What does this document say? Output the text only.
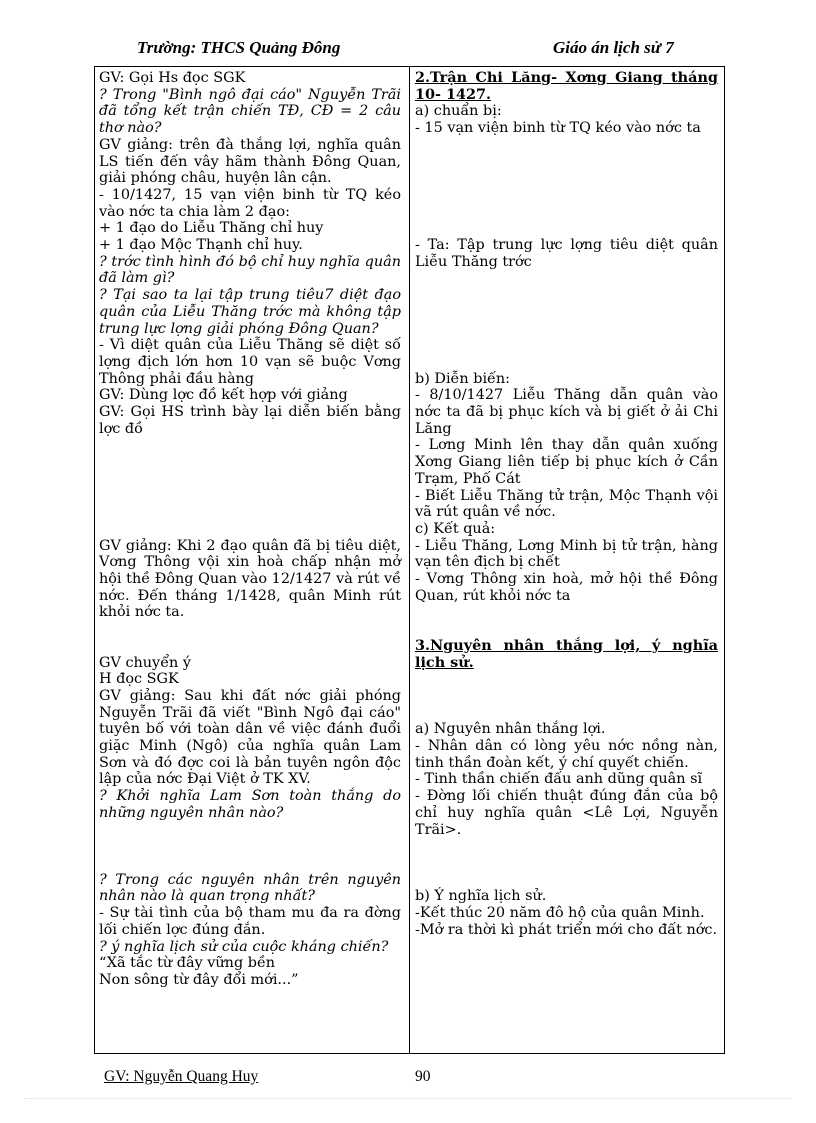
Trường: THCS Quảng Đông	Giáo án lịch sử 7
GV: Gọi Hs đọc SGK
? Trong "Bình ngô đại cáo" Nguyễn Trãi đã tổng kết trận chiến TĐ, CĐ = 2 câu thơ nào?
GV giảng: trên đà thắng lợi, nghĩa quân LS tiến đến vây hãm thành Đông Quan, giải phóng châu, huyện lân cận.
- 10/1427, 15 vạn viện binh từ TQ kéo vào nớc ta chia làm 2 đạo:
+ 1 đạo do Liễu Thăng chỉ huy
+ 1 đạo Mộc Thạnh chỉ huy.
? trớc tình hình đó bộ chỉ huy nghĩa quân đã làm gì?
? Tại sao ta lại tập trung tiêu7 diệt đạo quân của Liễu Thăng trớc mà không tập trung lực lợng giải phóng Đông Quan?
- Vì diệt quân của Liễu Thăng sẽ diệt số lợng địch lớn hơn 10 vạn sẽ buộc Vơng Thông phải đầu hàng
GV: Dùng lợc đồ kết hợp với giảng
GV: Gọi HS trình bày lại diễn biến bằng lợc đồ
GV giảng: Khi 2 đạo quân đã bị tiêu diệt, Vơng Thông vội xin hoà chấp nhận mở hội thề Đông Quan vào 12/1427 và rút về nớc. Đến tháng 1/1428, quân Minh rút khỏi nớc ta.
GV chuyển ý
H đọc SGK
GV giảng: Sau khi đất nớc giải phóng Nguyễn Trãi đã viết "Bình Ngô đại cáo" tuyên bố với toàn dân về việc đánh đuổi giặc Minh (Ngô) của nghĩa quân Lam Sơn và đó đợc coi là bản tuyên ngôn độc lập của nớc Đại Việt ở TK XV.
? Khởi nghĩa Lam Sơn toàn thắng do những nguyên nhân nào?
? Trong các nguyên nhân trên nguyên nhân nào là quan trọng nhất?
- Sự tài tình của bộ tham mu đa ra đờng lối chiến lợc đúng đắn.
? ý nghĩa lịch sử của cuộc kháng chiến?
“Xã tắc từ đây vững bền
Non sông từ đây đổi mới...”
2.Trận Chi Lăng- Xơng Giang tháng 10- 1427.
a) chuẩn bị:
- 15 vạn viện binh từ TQ kéo vào nớc ta
- Ta: Tập trung lực lợng tiêu diệt quân Liễu Thăng trớc
b) Diễn biến:
- 8/10/1427 Liễu Thăng dẫn quân vào nớc ta đã bị phục kích và bị giết ở ải Chi Lăng
- Lơng Minh lên thay dẫn quân xuống Xơng Giang liên tiếp bị phục kích ở Cần Trạm, Phố Cát
- Biết Liễu Thăng tử trận, Mộc Thạnh vội vã rút quân về nớc.
c) Kết quả:
- Liễu Thăng, Lơng Minh bị tử trận, hàng vạn tên địch bị chết
- Vơng Thông xin hoà, mở hội thề Đông Quan, rút khỏi nớc ta
3.Nguyên nhân thắng lợi, ý nghĩa lịch sử.
a) Nguyên nhân thắng lợi.
- Nhân dân có lòng yêu nớc nồng nàn, tinh thần đoàn kết, ý chí quyết chiến.
- Tinh thần chiến đấu anh dũng quân sĩ
- Đờng lối chiến thuật đúng đắn của bộ chỉ huy nghĩa quân <Lê Lợi, Nguyễn Trãi>.
b) Ý nghĩa lịch sử.
-Kết thúc 20 năm đô hộ của quân Minh.
-Mở ra thời kì phát triển mới cho đất nớc.
GV: Nguyễn Quang Huy	90
